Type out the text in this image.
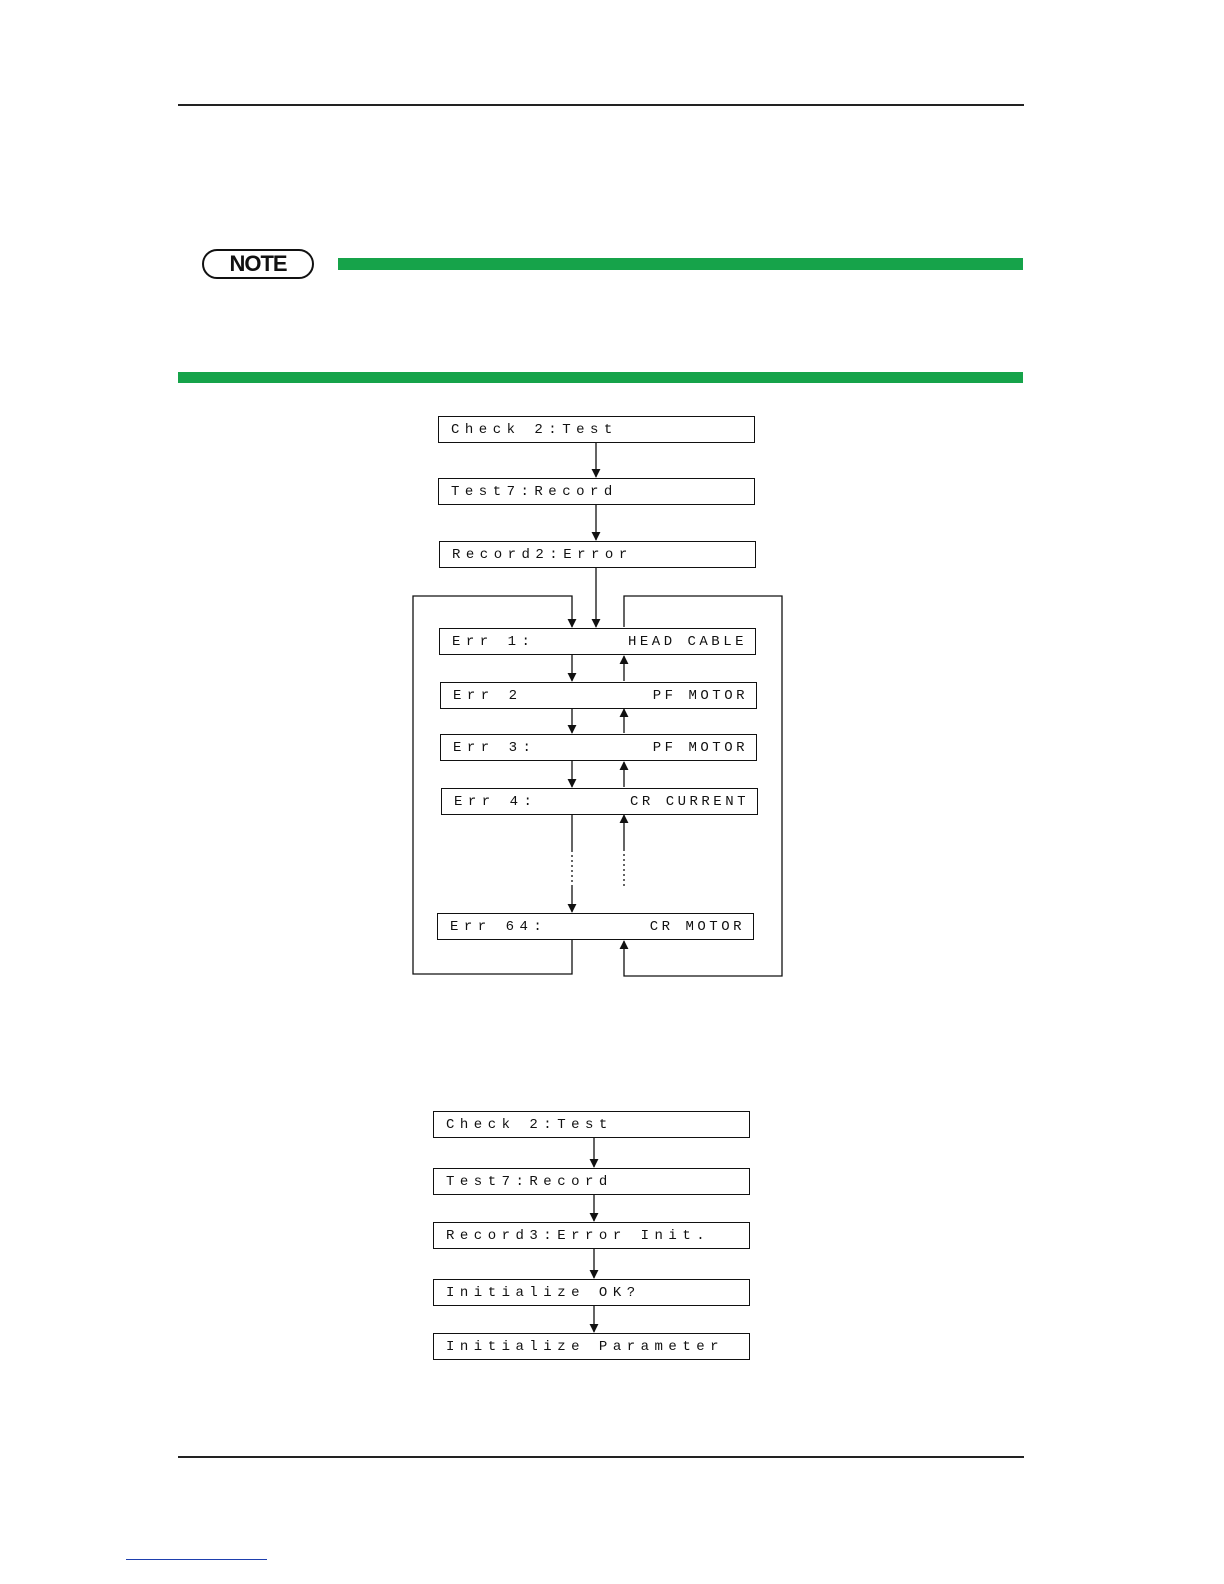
NOTE
Check 2:Test
Test7:Record
Record2:Error
Err 1:	HEAD CABLE
Err 2	PF MOTOR
Err 3:	PF MOTOR
Err 4:	CR CURRENT
Err 64:	CR MOTOR
Check 2:Test
Test7:Record
Record3:Error Init.
Initialize OK?
Initialize Parameter
